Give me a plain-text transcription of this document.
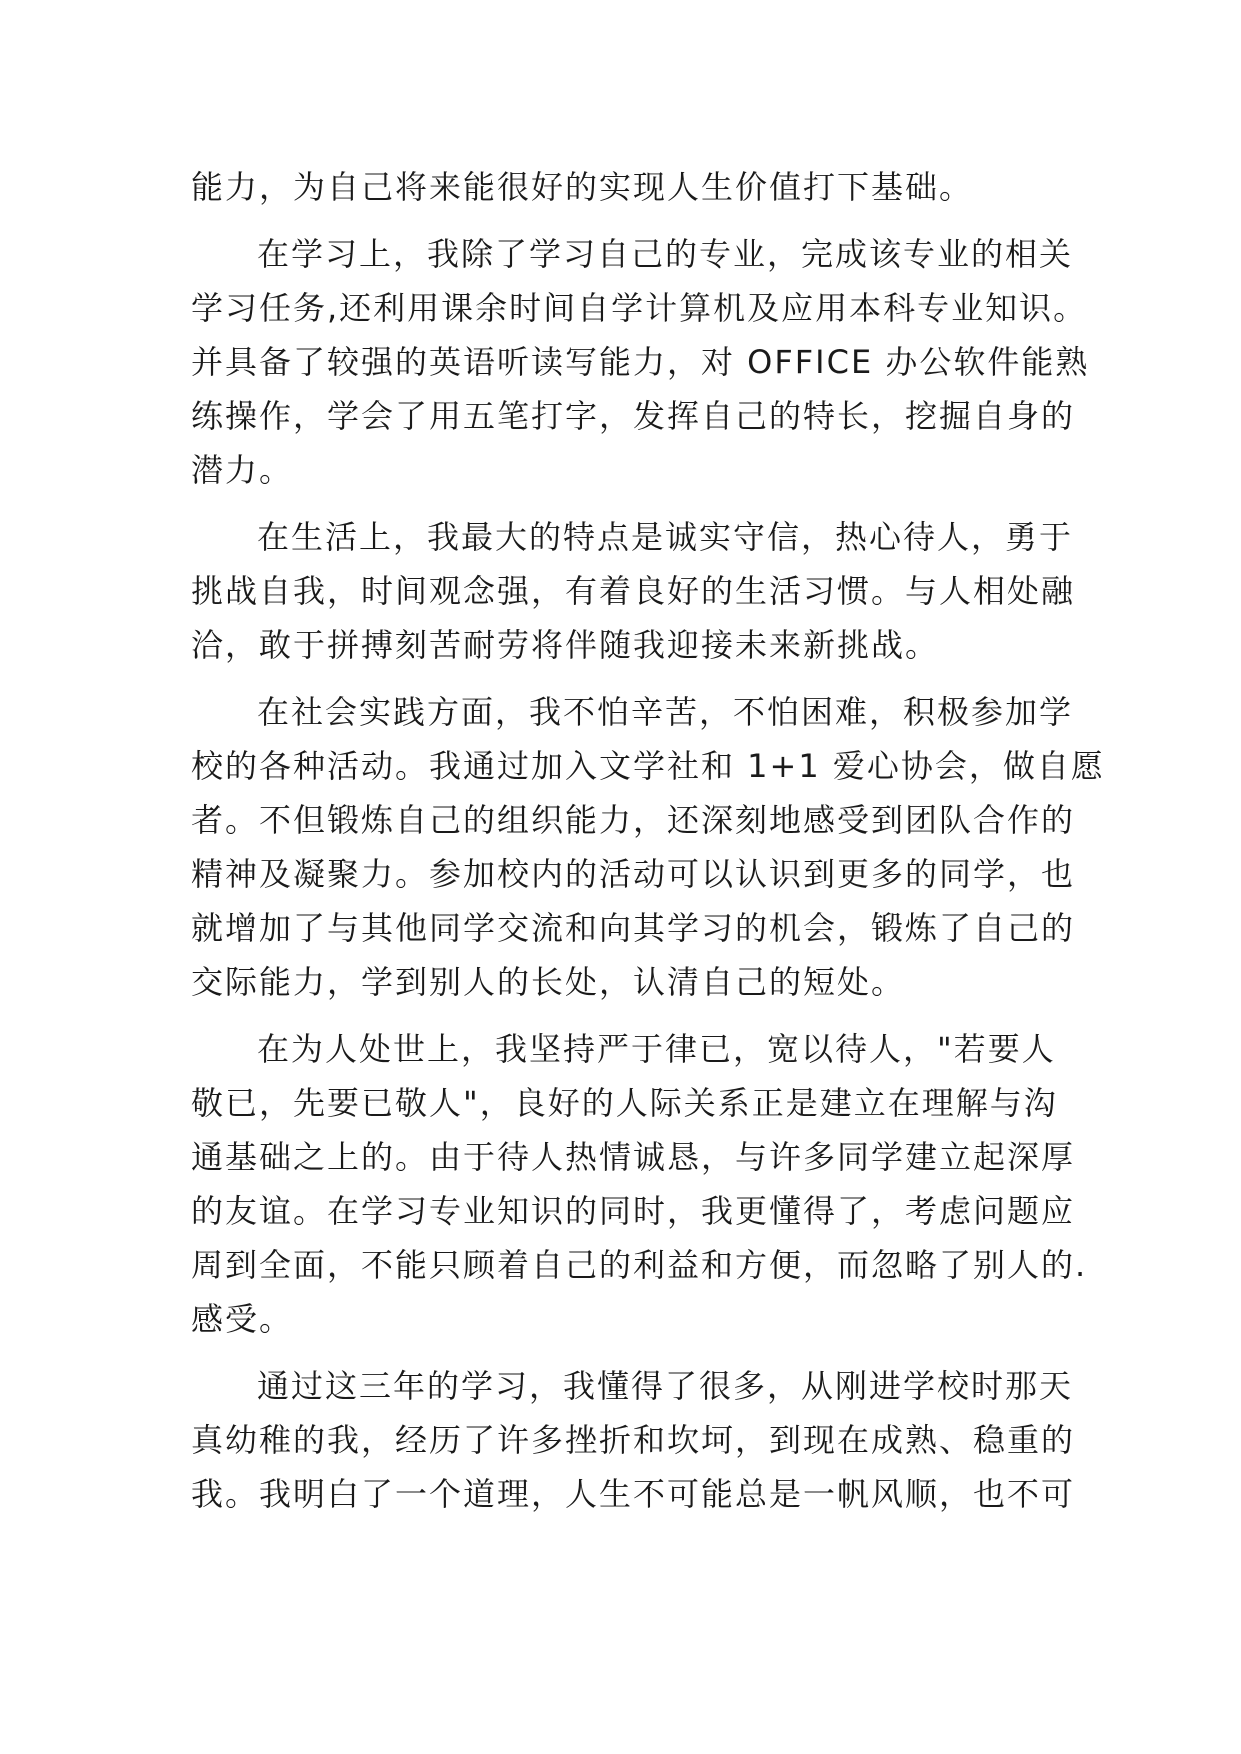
能力，为自己将来能很好的实现人生价值打下基础。
在学习上，我除了学习自己的专业，完成该专业的相关
学习任务,还利用课余时间自学计算机及应用本科专业知识。
并具备了较强的英语听读写能力，对 OFFICE 办公软件能熟
练操作，学会了用五笔打字，发挥自己的特长，挖掘自身的
潜力。
在生活上，我最大的特点是诚实守信，热心待人，勇于
挑战自我，时间观念强，有着良好的生活习惯。与人相处融
洽，敢于拼搏刻苦耐劳将伴随我迎接未来新挑战。
在社会实践方面，我不怕辛苦，不怕困难，积极参加学
校的各种活动。我通过加入文学社和 1+1 爱心协会，做自愿
者。不但锻炼自己的组织能力，还深刻地感受到团队合作的
精神及凝聚力。参加校内的活动可以认识到更多的同学，也
就增加了与其他同学交流和向其学习的机会，锻炼了自己的
交际能力，学到别人的长处，认清自己的短处。
在为人处世上，我坚持严于律已，宽以待人，"若要人
敬已，先要已敬人"，良好的人际关系正是建立在理解与沟
通基础之上的。由于待人热情诚恳，与许多同学建立起深厚
的友谊。在学习专业知识的同时，我更懂得了，考虑问题应
周到全面，不能只顾着自己的利益和方便，而忽略了别人的.
感受。
通过这三年的学习，我懂得了很多，从刚进学校时那天
真幼稚的我，经历了许多挫折和坎坷，到现在成熟、稳重的
我。我明白了一个道理，人生不可能总是一帆风顺，也不可
